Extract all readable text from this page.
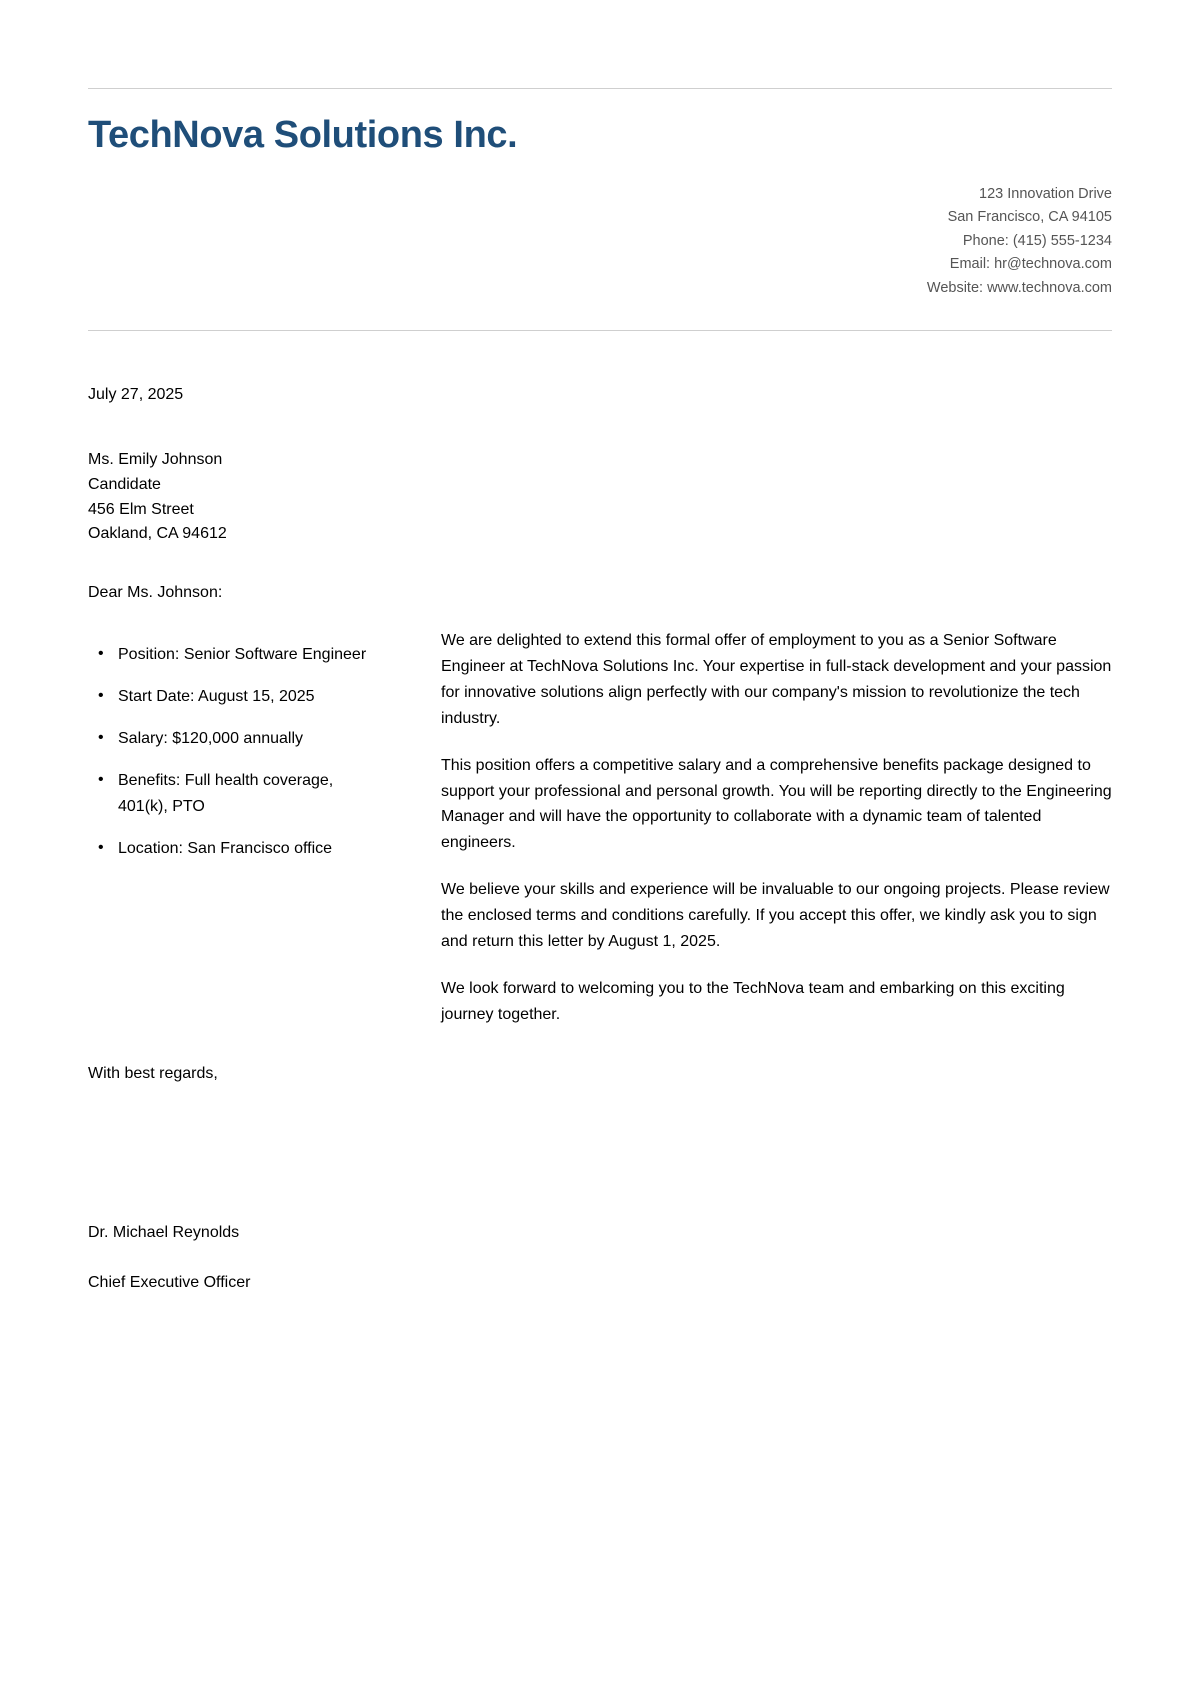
TechNova Solutions Inc.
123 Innovation Drive
San Francisco, CA 94105
Phone: (415) 555-1234
Email: hr@technova.com
Website: www.technova.com

July 27, 2025

Ms. Emily Johnson
Candidate
456 Elm Street
Oakland, CA 94612

Dear Ms. Johnson:

• Position: Senior Software Engineer
• Start Date: August 15, 2025
• Salary: $120,000 annually
• Benefits: Full health coverage, 401(k), PTO
• Location: San Francisco office

We are delighted to extend this formal offer of employment to you as a Senior Software Engineer at TechNova Solutions Inc. Your expertise in full-stack development and your passion for innovative solutions align perfectly with our company's mission to revolutionize the tech industry.

This position offers a competitive salary and a comprehensive benefits package designed to support your professional and personal growth. You will be reporting directly to the Engineering Manager and will have the opportunity to collaborate with a dynamic team of talented engineers.

We believe your skills and experience will be invaluable to our ongoing projects. Please review the enclosed terms and conditions carefully. If you accept this offer, we kindly ask you to sign and return this letter by August 1, 2025.

We look forward to welcoming you to the TechNova team and embarking on this exciting journey together.

With best regards,

Dr. Michael Reynolds

Chief Executive Officer
